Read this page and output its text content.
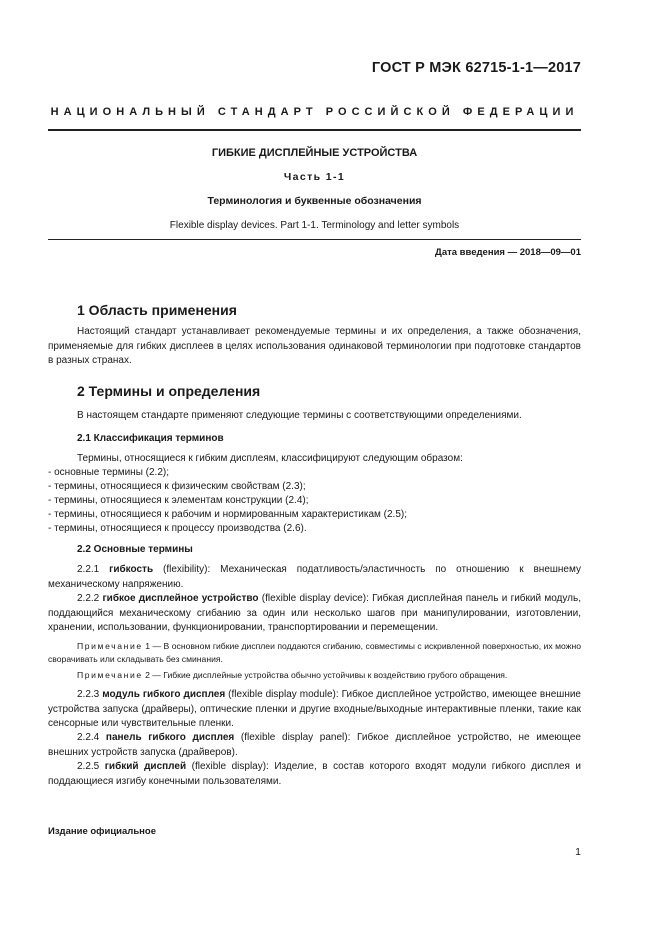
ГОСТ Р МЭК 62715-1-1—2017
НАЦИОНАЛЬНЫЙ СТАНДАРТ РОССИЙСКОЙ ФЕДЕРАЦИИ
ГИБКИЕ ДИСПЛЕЙНЫЕ УСТРОЙСТВА
Часть 1-1
Терминология и буквенные обозначения
Flexible display devices. Part 1-1. Terminology and letter symbols
Дата введения — 2018—09—01
1 Область применения
Настоящий стандарт устанавливает рекомендуемые термины и их определения, а также обозначения, применяемые для гибких дисплеев в целях использования одинаковой терминологии при подготовке стандартов в разных странах.
2 Термины и определения
В настоящем стандарте применяют следующие термины с соответствующими определениями.
2.1 Классификация терминов
Термины, относящиеся к гибким дисплеям, классифицируют следующим образом:
- основные термины (2.2);
- термины, относящиеся к физическим свойствам (2.3);
- термины, относящиеся к элементам конструкции (2.4);
- термины, относящиеся к рабочим и нормированным характеристикам (2.5);
- термины, относящиеся к процессу производства (2.6).
2.2 Основные термины
2.2.1 гибкость (flexibility): Механическая податливость/эластичность по отношению к внешнему механическому напряжению.
2.2.2 гибкое дисплейное устройство (flexible display device): Гибкая дисплейная панель и гибкий модуль, поддающийся механическому сгибанию за один или несколько шагов при манипулировании, изготовлении, хранении, использовании, функционировании, транспортировании и перемещении.
Примечание 1 — В основном гибкие дисплеи поддаются сгибанию, совместимы с искривленной поверхностью, их можно сворачивать или складывать без сминания.
Примечание 2 — Гибкие дисплейные устройства обычно устойчивы к воздействию грубого обращения.
2.2.3 модуль гибкого дисплея (flexible display module): Гибкое дисплейное устройство, имеющее внешние устройства запуска (драйверы), оптические пленки и другие входные/выходные интерактивные пленки, такие как сенсорные или чувствительные пленки.
2.2.4 панель гибкого дисплея (flexible display panel): Гибкое дисплейное устройство, не имеющее внешних устройств запуска (драйверов).
2.2.5 гибкий дисплей (flexible display): Изделие, в состав которого входят модули гибкого дисплея и поддающиеся изгибу конечными пользователями.
Издание официальное
1
